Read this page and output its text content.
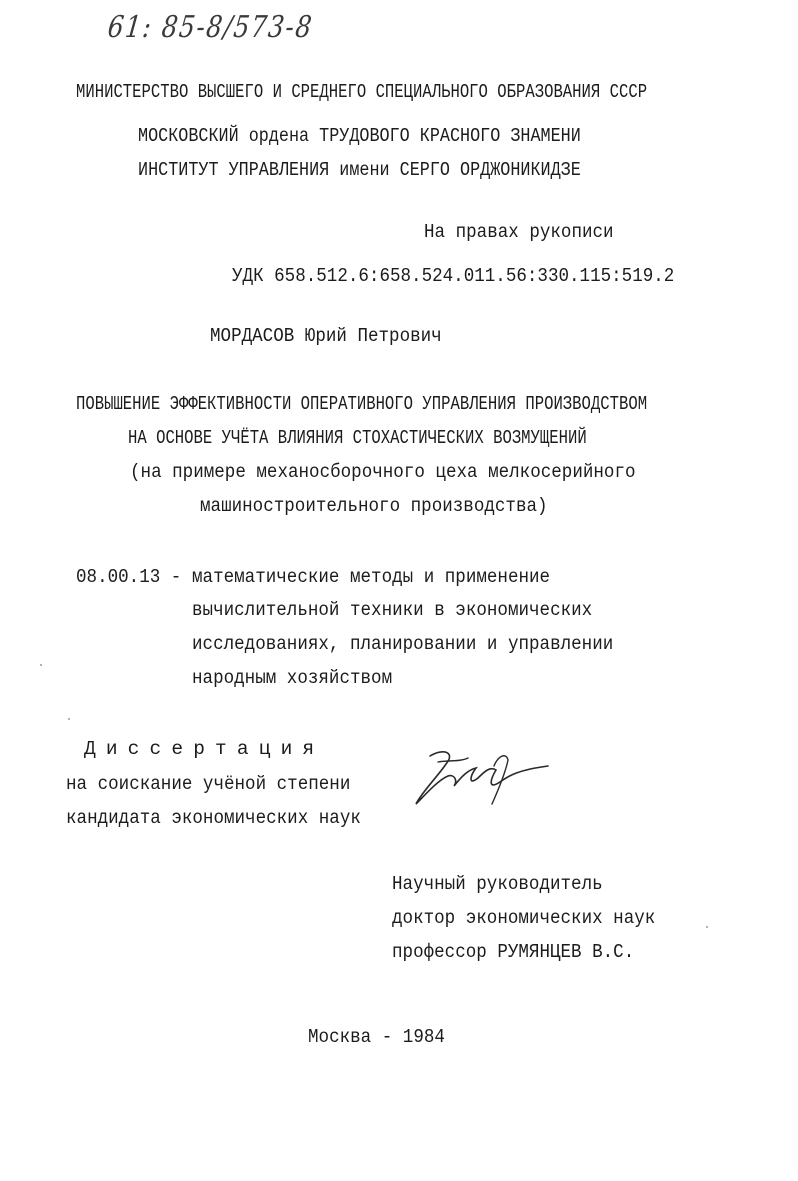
61: 85-8/573-8
МИНИСТЕРСТВО ВЫСШЕГО И СРЕДНЕГО СПЕЦИАЛЬНОГО ОБРАЗОВАНИЯ СССР
МОСКОВСКИЙ ордена ТРУДОВОГО КРАСНОГО ЗНАМЕНИ
ИНСТИТУТ УПРАВЛЕНИЯ имени СЕРГО ОРДЖОНИКИДЗЕ
На правах рукописи
УДК 658.512.6:658.524.011.56:330.115:519.2
МОРДАСОВ Юрий Петрович
ПОВЫШЕНИЕ ЭФФЕКТИВНОСТИ ОПЕРАТИВНОГО УПРАВЛЕНИЯ ПРОИЗВОДСТВОМ
НА ОСНОВЕ УЧЁТА ВЛИЯНИЯ СТОХАСТИЧЕСКИХ ВОЗМУЩЕНИЙ
(на примере механосборочного цеха мелкосерийного
машиностроительного производства)
08.00.13 - математические методы и применение
вычислительной техники в экономических
исследованиях, планировании и управлении
народным хозяйством
Диссертация
на соискание учёной степени
кандидата экономических наук
Научный руководитель
доктор экономических наук
профессор РУМЯНЦЕВ В.С.
Москва - 1984
